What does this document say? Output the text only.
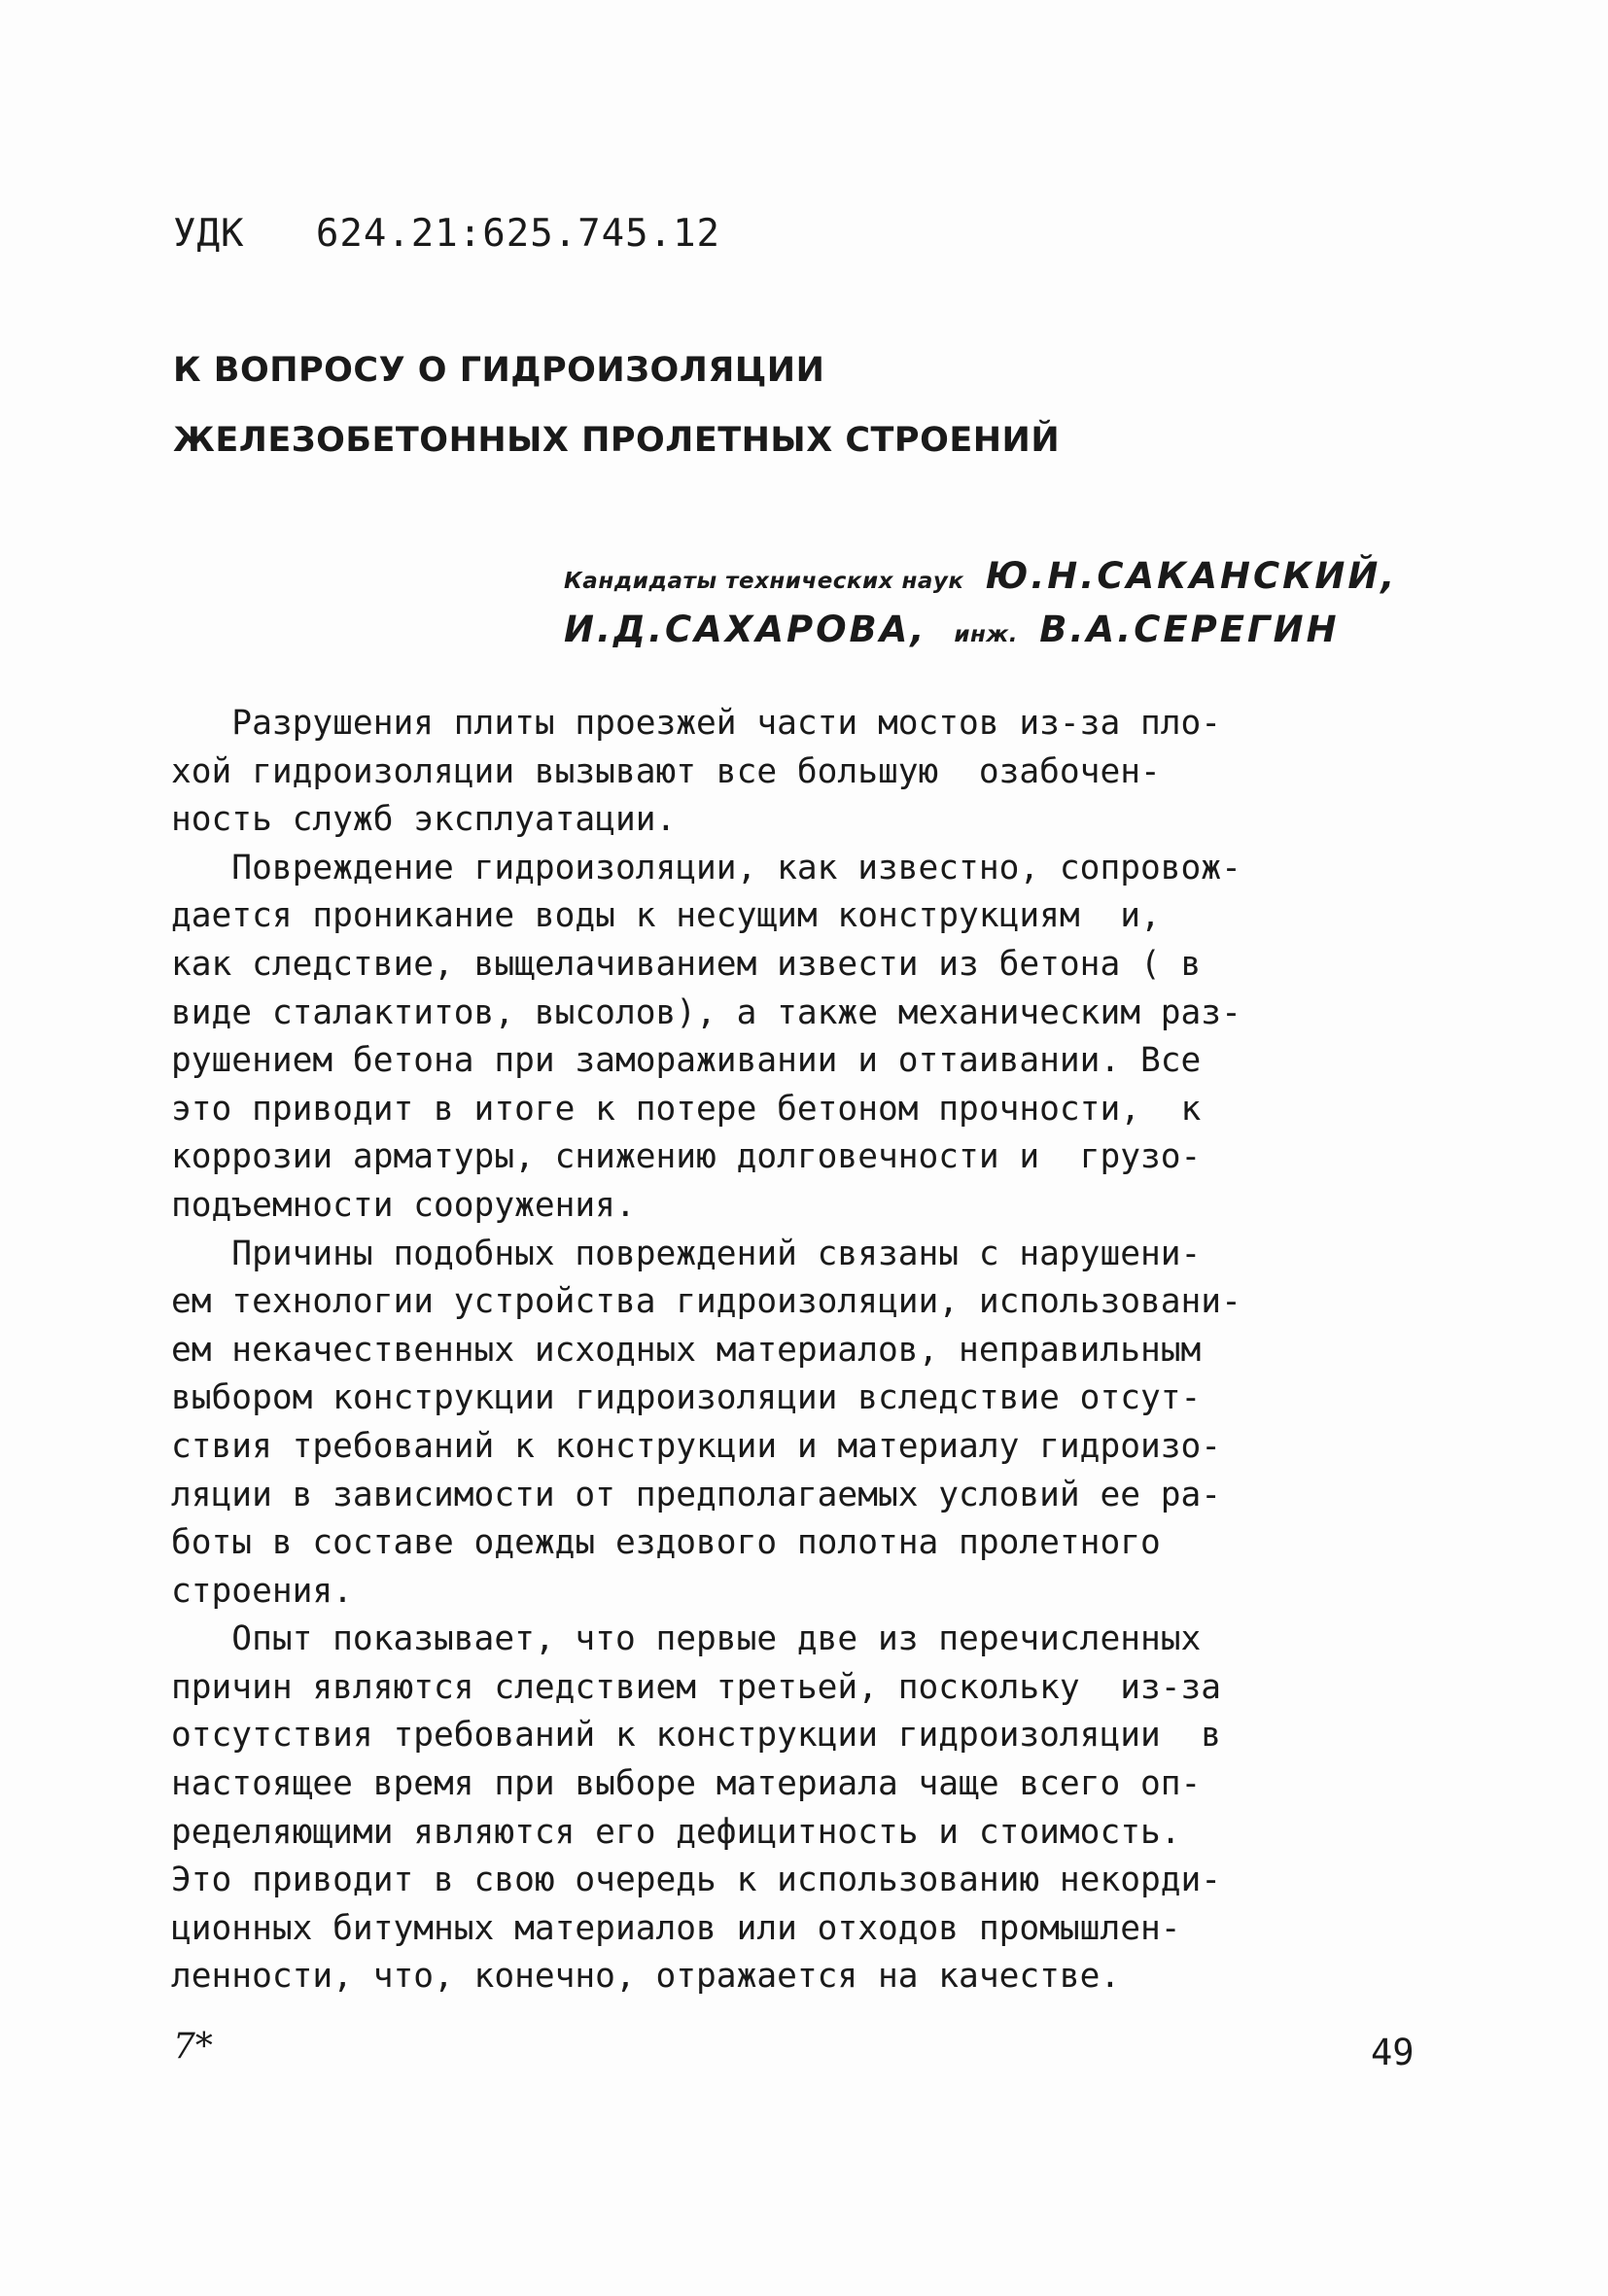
УДК   624.21:625.745.12
К ВОПРОСУ О ГИДРОИЗОЛЯЦИИ
ЖЕЛЕЗОБЕТОННЫХ ПРОЛЕТНЫХ СТРОЕНИЙ
Кандидаты технических наук Ю.Н.САКАНСКИЙ,
И.Д.САХАРОВА, инж. В.А.СЕРЕГИН
Разрушения плиты проезжей части мостов из-за пло-
хой гидроизоляции вызывают все большую  озабочен-
ность служб эксплуатации.
Повреждение гидроизоляции, как известно, сопровож-
дается проникание воды к несущим конструкциям  и,
как следствие, выщелачиванием извести из бетона ( в
виде сталактитов, высолов), а также механическим раз-
рушением бетона при замораживании и оттаивании. Все
это приводит в итоге к потере бетоном прочности,  к
коррозии арматуры, снижению долговечности и  грузо-
подъемности сооружения.
Причины подобных повреждений связаны с нарушени-
ем технологии устройства гидроизоляции, использовани-
ем некачественных исходных материалов, неправильным
выбором конструкции гидроизоляции вследствие отсут-
ствия требований к конструкции и материалу гидроизо-
ляции в зависимости от предполагаемых условий ее ра-
боты в составе одежды ездового полотна пролетного
строения.
Опыт показывает, что первые две из перечисленных
причин являются следствием третьей, поскольку  из-за
отсутствия требований к конструкции гидроизоляции  в
настоящее время при выборе материала чаще всего оп-
ределяющими являются его дефицитность и стоимость.
Это приводит в свою очередь к использованию некорди-
ционных битумных материалов или отходов промышлен-
ленности, что, конечно, отражается на качестве.
7*	49
